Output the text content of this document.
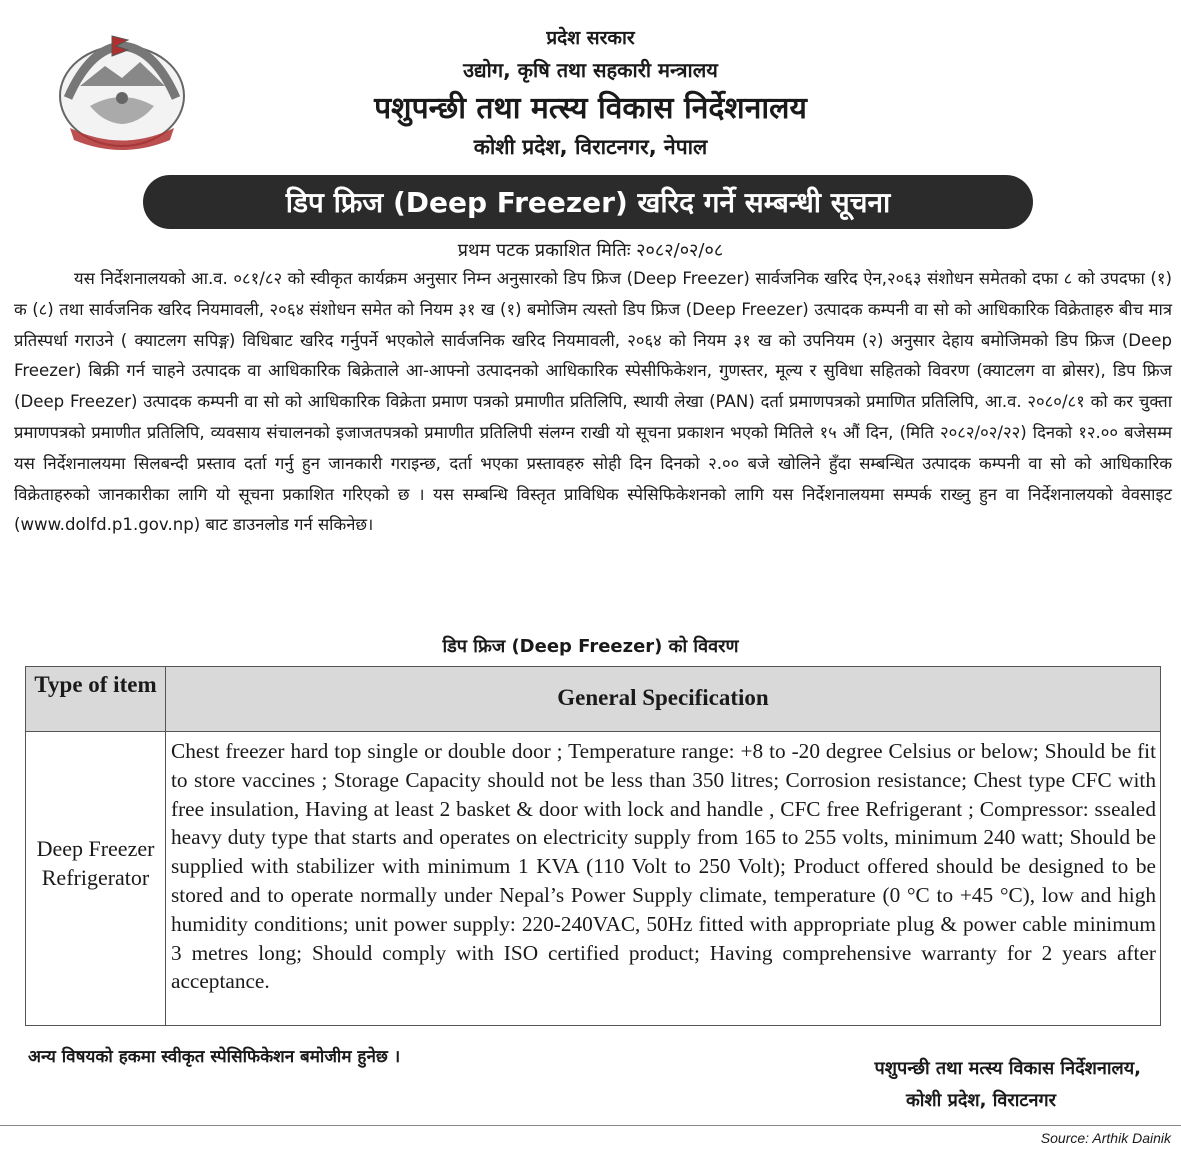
प्रदेश सरकार
उद्योग, कृषि तथा सहकारी मन्त्रालय
पशुपन्छी तथा मत्स्य विकास निर्देशनालय
कोशी प्रदेश, विराटनगर, नेपाल
डिप फ्रिज (Deep Freezer) खरिद गर्ने सम्बन्धी सूचना
प्रथम पटक प्रकाशित मितिः २०८२/०२/०८
यस निर्देशनालयको आ.व. ०८१/८२ को स्वीकृत कार्यक्रम अनुसार निम्न अनुसारको डिप फ्रिज (Deep Freezer) सार्वजनिक खरिद ऐन,२०६३ संशोधन समेतको दफा ८ को उपदफा (१) क (८) तथा सार्वजनिक खरिद नियमावली, २०६४ संशोधन समेत को नियम ३१ ख (१) बमोजिम त्यस्तो डिप फ्रिज (Deep Freezer) उत्पादक कम्पनी वा सो को आधिकारिक विक्रेताहरु बीच मात्र प्रतिस्पर्धा गराउने ( क्याटलग सपिङ्ग) विधिबाट खरिद गर्नुपर्ने भएकोले सार्वजनिक खरिद नियमावली, २०६४ को नियम ३१ ख को उपनियम (२) अनुसार देहाय बमोजिमको डिप फ्रिज (Deep Freezer) बिक्री गर्न चाहने उत्पादक वा आधिकारिक बिक्रेताले आ-आफ्नो उत्पादनको आधिकारिक स्पेसीफिकेशन, गुणस्तर, मूल्य र सुविधा सहितको विवरण (क्याटलग वा ब्रोसर), डिप फ्रिज (Deep Freezer) उत्पादक कम्पनी वा सो को आधिकारिक विक्रेता प्रमाण पत्रको प्रमाणीत प्रतिलिपि, स्थायी लेखा (PAN) दर्ता प्रमाणपत्रको प्रमाणित प्रतिलिपि, आ.व. २०८०/८१ को कर चुक्ता प्रमाणपत्रको प्रमाणीत प्रतिलिपि, व्यवसाय संचालनको इजाजतपत्रको प्रमाणीत प्रतिलिपी संलग्न राखी यो सूचना प्रकाशन भएको मितिले १५ औं दिन, (मिति २०८२/०२/२२) दिनको १२.०० बजेसम्म यस निर्देशनालयमा सिलबन्दी प्रस्ताव दर्ता गर्नु हुन जानकारी गराइन्छ, दर्ता भएका प्रस्तावहरु सोही दिन दिनको २.०० बजे खोलिने हुँदा सम्बन्धित उत्पादक कम्पनी वा सो को आधिकारिक विक्रेताहरुको जानकारीका लागि यो सूचना प्रकाशित गरिएको छ । यस सम्बन्धि विस्तृत प्राविधिक स्पेसिफिकेशनको लागि यस निर्देशनालयमा सम्पर्क राख्नु हुन वा निर्देशनालयको वेवसाइट (www.dolfd.p1.gov.np) बाट डाउनलोड गर्न सकिनेछ।
डिप फ्रिज (Deep Freezer) को विवरण
Type of item
General Specification
Deep Freezer Refrigerator
Chest freezer hard top single or double door ; Temperature range: +8 to -20 degree Celsius or below; Should be fit to store vaccines ; Storage Capacity should not be less than 350 litres; Corrosion resistance; Chest type CFC with free insulation, Having at least 2 basket & door with lock and handle , CFC free Refrigerant ; Compressor: ssealed heavy duty type that starts and operates on electricity supply from 165 to 255 volts, minimum 240 watt; Should be supplied with stabilizer with minimum 1 KVA (110 Volt to 250 Volt); Product offered should be designed to be stored and to operate normally under Nepal’s Power Supply climate, temperature (0 °C to +45 °C), low and high humidity conditions; unit power supply: 220-240VAC, 50Hz fitted with appropriate plug & power cable minimum 3 metres long; Should comply with ISO certified product; Having comprehensive warranty for 2 years after acceptance.
अन्य विषयको हकमा स्वीकृत स्पेसिफिकेशन बमोजीम हुनेछ ।
पशुपन्छी तथा मत्स्य विकास निर्देशनालय,
कोशी प्रदेश, विराटनगर
Source: Arthik Dainik
